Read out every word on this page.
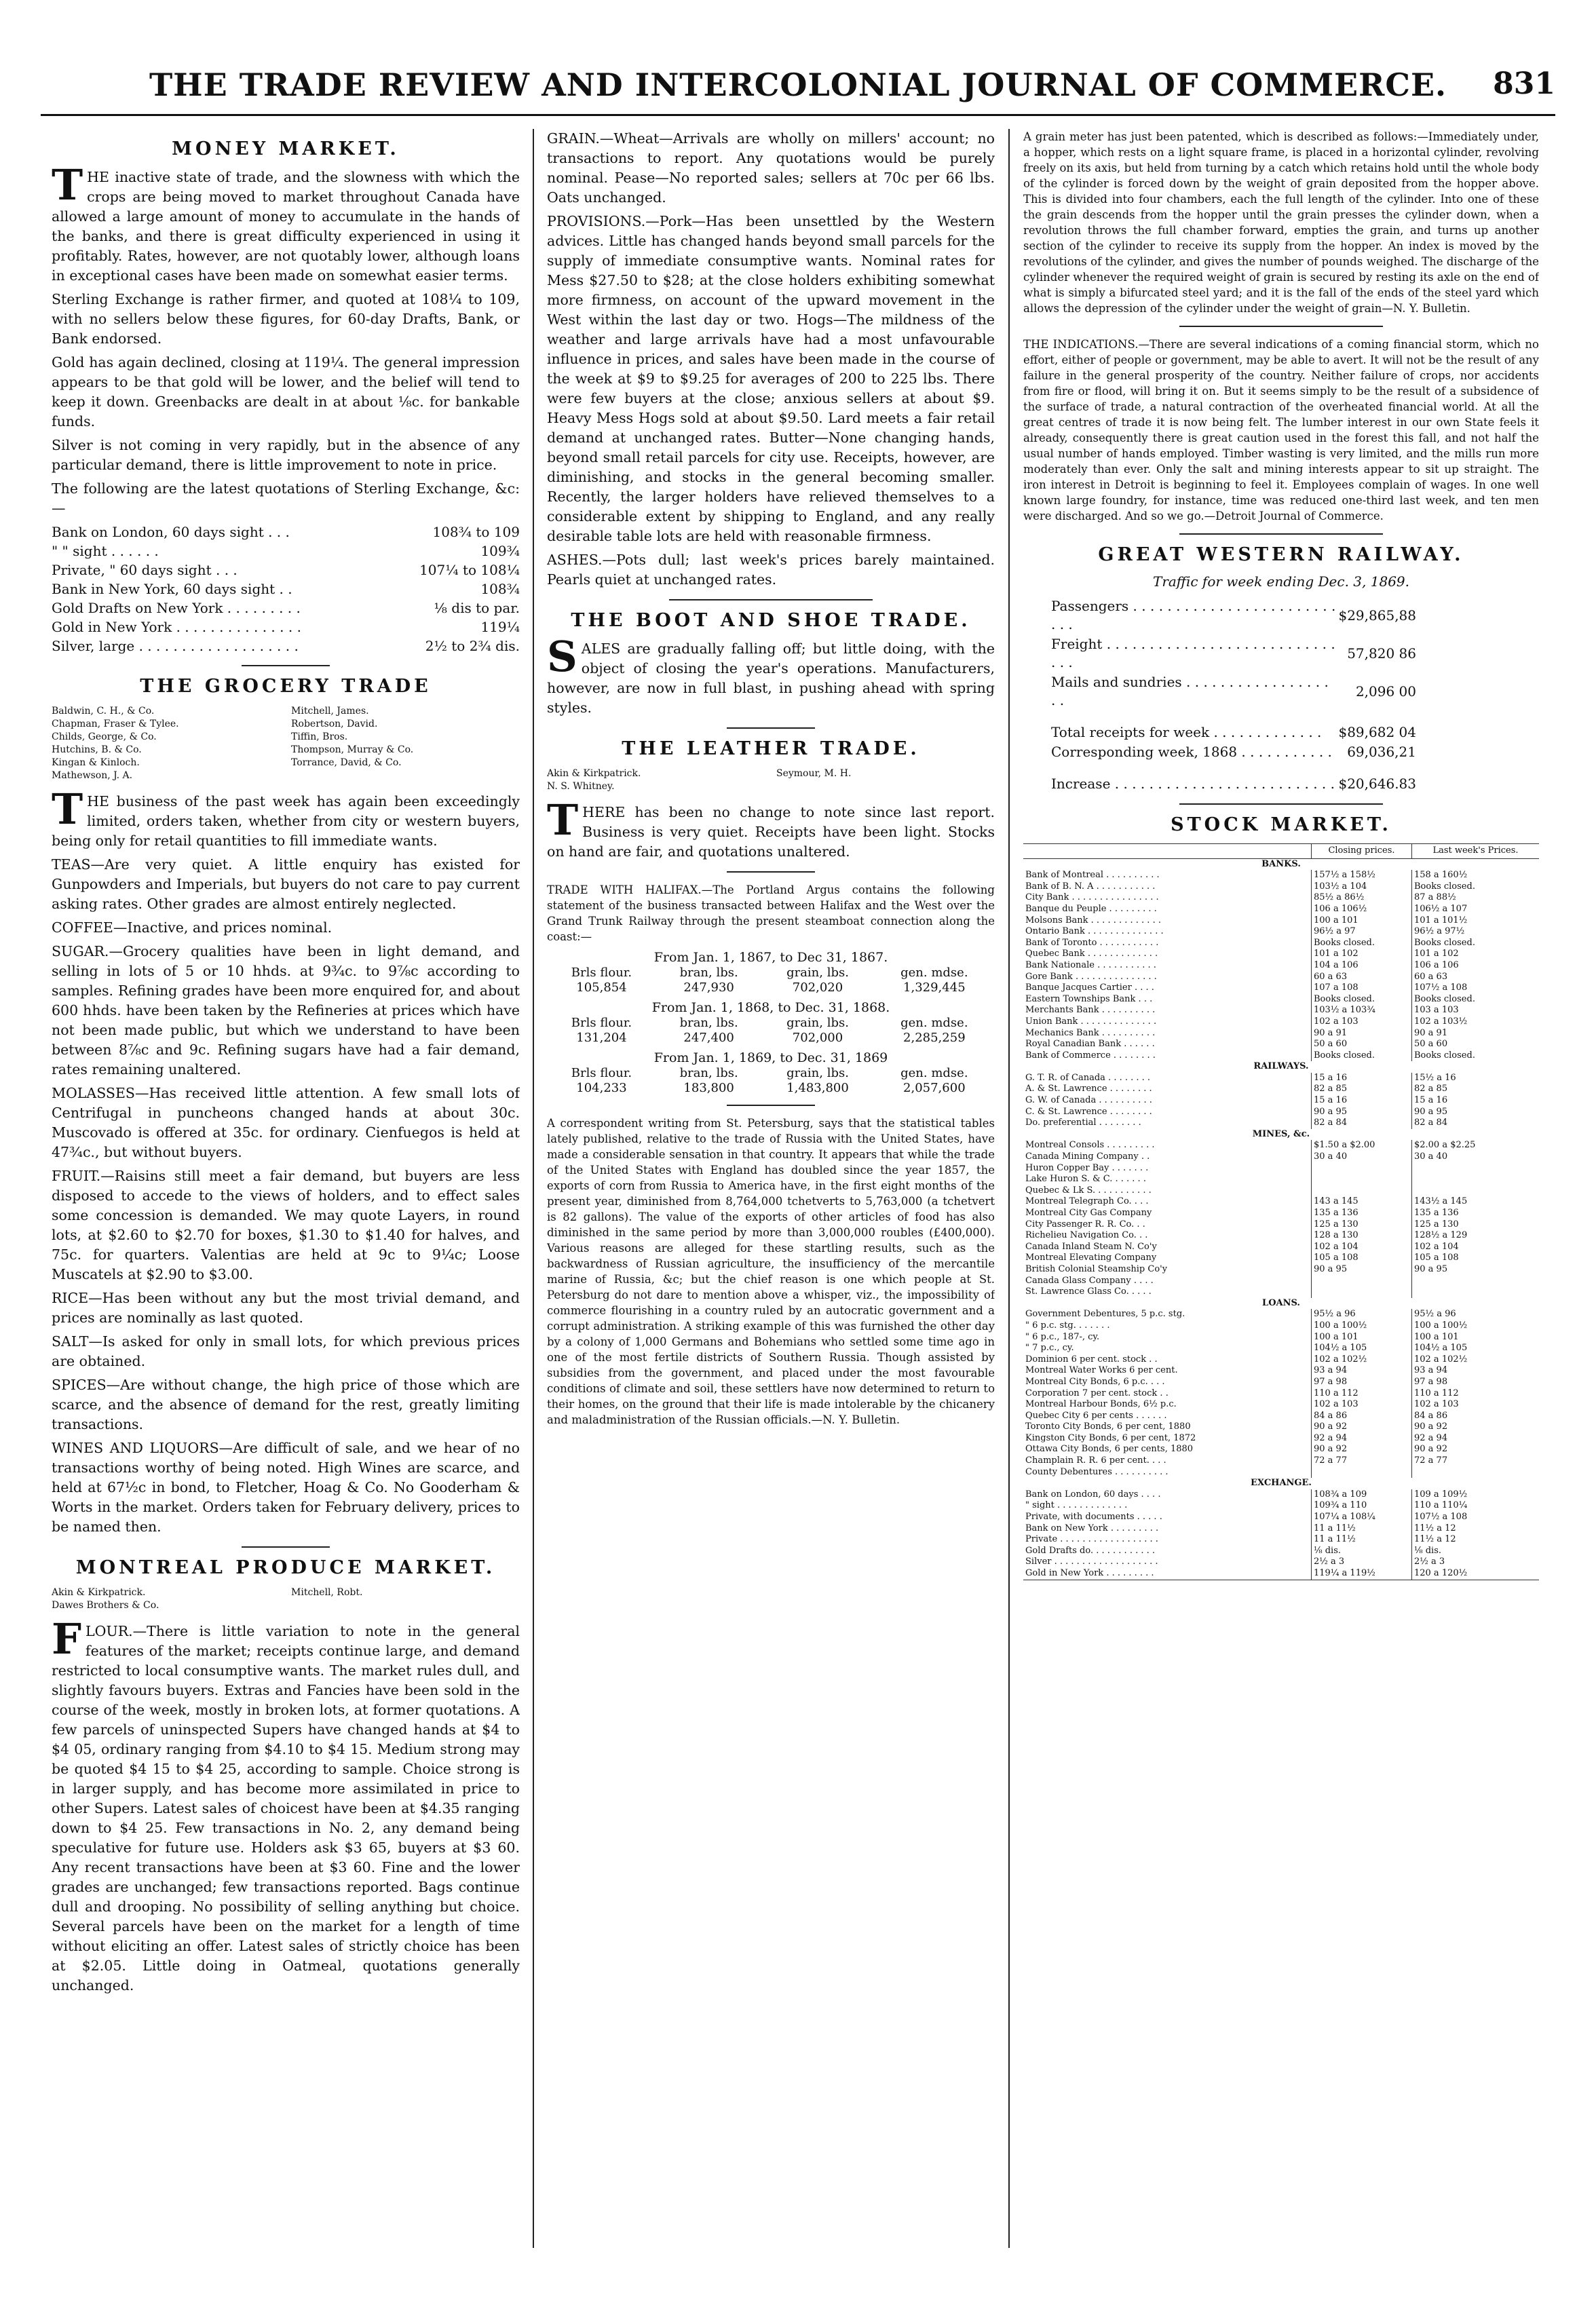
THE TRADE REVIEW AND INTERCOLONIAL JOURNAL OF COMMERCE.	831
MONEY MARKET.

THE inactive state of trade, and the slowness with which the crops are being moved to market throughout Canada have allowed a large amount of money to accumulate in the hands of the banks, and there is great difficulty experienced in using it profitably. Rates, however, are not quotably lower, although loans in exceptional cases have been made on somewhat easier terms.

Sterling Exchange is rather firmer, and quoted at 108¼ to 109, with no sellers below these figures, for 60-day Drafts, Bank, or Bank endorsed.

Gold has again declined, closing at 119¼. The general impression appears to be that gold will be lower, and the belief will tend to keep it down. Greenbacks are dealt in at about ⅛c. for bankable funds.

Silver is not coming in very rapidly, but in the absence of any particular demand, there is little improvement to note in price.

The following are the latest quotations of Sterling Exchange, &c:—

Bank on London, 60 days sight . . .	108¾ to 109
" " sight . . . . . .	109¾
Private, " 60 days sight . . .	107¼ to 108¼
Bank in New York, 60 days sight . .	108¾
Gold Drafts on New York . . . . . . . . .	⅛ dis to par.
Gold in New York . . . . . . . . . . . . . . .	119¼
Silver, large . . . . . . . . . . . . . . . . . . .	2½ to 2¾ dis.
THE GROCERY TRADE
Baldwin, C. H., & Co.	Mitchell, James.
Chapman, Fraser & Tylee.	Robertson, David.
Childs, George, & Co.	Tiffin, Bros.
Hutchins, B. & Co.	Thompson, Murray & Co.
Kingan & Kinloch.	Torrance, David, & Co.
Mathewson, J. A.

THE business of the past week has again been exceedingly limited, orders taken, whether from city or western buyers, being only for retail quantities to fill immediate wants.

TEAS—Are very quiet. A little enquiry has existed for Gunpowders and Imperials, but buyers do not care to pay current asking rates. Other grades are almost entirely neglected.

COFFEE—Inactive, and prices nominal.

SUGAR.—Grocery qualities have been in light demand, and selling in lots of 5 or 10 hhds. at 9¾c. to 9⅞c according to samples. Refining grades have been more enquired for, and about 600 hhds. have been taken by the Refineries at prices which have not been made public, but which we understand to have been between 8⅞c and 9c. Refining sugars have had a fair demand, rates remaining unaltered.

MOLASSES—Has received little attention. A few small lots of Centrifugal in puncheons changed hands at about 30c. Muscovado is offered at 35c. for ordinary. Cienfuegos is held at 47¾c., but without buyers.

FRUIT.—Raisins still meet a fair demand, but buyers are less disposed to accede to the views of holders, and to effect sales some concession is demanded. We may quote Layers, in round lots, at $2.60 to $2.70 for boxes, $1.30 to $1.40 for halves, and 75c. for quarters. Valentias are held at 9c to 9¼c; Loose Muscatels at $2.90 to $3.00.

RICE—Has been without any but the most trivial demand, and prices are nominally as last quoted.

SALT—Is asked for only in small lots, for which previous prices are obtained.

SPICES—Are without change, the high price of those which are scarce, and the absence of demand for the rest, greatly limiting transactions.

WINES AND LIQUORS—Are difficult of sale, and we hear of no transactions worthy of being noted. High Wines are scarce, and held at 67½c in bond, to Fletcher, Hoag & Co. No Gooderham & Worts in the market. Orders taken for February delivery, prices to be named then.

MONTREAL PRODUCE MARKET.
Akin & Kirkpatrick.	Mitchell, Robt.
Dawes Brothers & Co.

FLOUR.—There is little variation to note in the general features of the market; receipts continue large, and demand restricted to local consumptive wants. The market rules dull, and slightly favours buyers. Extras and Fancies have been sold in the course of the week, mostly in broken lots, at former quotations. A few parcels of uninspected Supers have changed hands at $4 to $4 05, ordinary ranging from $4.10 to $4 15. Medium strong may be quoted $4 15 to $4 25, according to sample. Choice strong is in larger supply, and has become more assimilated in price to other Supers. Latest sales of choicest have been at $4.35 ranging down to $4 25. Few transactions in No. 2, any demand being speculative for future use. Holders ask $3 65, buyers at $3 60. Any recent transactions have been at $3 60. Fine and the lower grades are unchanged; few transactions reported. Bags continue dull and drooping. No possibility of selling anything but choice. Several parcels have been on the market for a length of time without eliciting an offer. Latest sales of strictly choice has been at $2.05. Little doing in Oatmeal, quotations generally unchanged.

GRAIN.—Wheat—Arrivals are wholly on millers' account; no transactions to report. Any quotations would be purely nominal. Pease—No reported sales; sellers at 70c per 66 lbs. Oats unchanged.

PROVISIONS.—Pork—Has been unsettled by the Western advices. Little has changed hands beyond small parcels for the supply of immediate consumptive wants. Nominal rates for Mess $27.50 to $28; at the close holders exhibiting somewhat more firmness, on account of the upward movement in the West within the last day or two. Hogs—The mildness of the weather and large arrivals have had a most unfavourable influence in prices, and sales have been made in the course of the week at $9 to $9.25 for averages of 200 to 225 lbs. There were few buyers at the close; anxious sellers at about $9. Heavy Mess Hogs sold at about $9.50. Lard meets a fair retail demand at unchanged rates. Butter—None changing hands, beyond small retail parcels for city use. Receipts, however, are diminishing, and stocks in the general becoming smaller. Recently, the larger holders have relieved themselves to a considerable extent by shipping to England, and any really desirable table lots are held with reasonable firmness.

ASHES.—Pots dull; last week's prices barely maintained. Pearls quiet at unchanged rates.

THE BOOT AND SHOE TRADE.

SALES are gradually falling off; but little doing, with the object of closing the year's operations. Manufacturers, however, are now in full blast, in pushing ahead with spring styles.

THE LEATHER TRADE.
Akin & Kirkpatrick.	Seymour, M. H.
N. S. Whitney.

THERE has been no change to note since last report. Business is very quiet. Receipts have been light. Stocks on hand are fair, and quotations unaltered.

TRADE WITH HALIFAX.—The Portland Argus contains the following statement of the business transacted between Halifax and the West over the Grand Trunk Railway through the present steamboat connection along the coast:—

From Jan. 1, 1867, to Dec 31, 1867.
Brls flour.	bran, lbs.	grain, lbs.	gen. mdse.
105,854	247,930	702,020	1,329,445
From Jan. 1, 1868, to Dec. 31, 1868.
Brls flour.	bran, lbs.	grain, lbs.	gen. mdse.
131,204	247,400	702,000	2,285,259
From Jan. 1, 1869, to Dec. 31, 1869
Brls flour.	bran, lbs.	grain, lbs.	gen. mdse.
104,233	183,800	1,483,800	2,057,600

A correspondent writing from St. Petersburg, says that the statistical tables lately published, relative to the trade of Russia with the United States, have made a considerable sensation in that country. It appears that while the trade of the United States with England has doubled since the year 1857, the exports of corn from Russia to America have, in the first eight months of the present year, diminished from 8,764,000 tchetverts to 5,763,000 (a tchetvert is 82 gallons). The value of the exports of other articles of food has also diminished in the same period by more than 3,000,000 roubles (£400,000). Various reasons are alleged for these startling results, such as the backwardness of Russian agriculture, the insufficiency of the mercantile marine of Russia, &c; but the chief reason is one which people at St. Petersburg do not dare to mention above a whisper, viz., the impossibility of commerce flourishing in a country ruled by an autocratic government and a corrupt administration. A striking example of this was furnished the other day by a colony of 1,000 Germans and Bohemians who settled some time ago in one of the most fertile districts of Southern Russia. Though assisted by subsidies from the government, and placed under the most favourable conditions of climate and soil, these settlers have now determined to return to their homes, on the ground that their life is made intolerable by the chicanery and maladministration of the Russian officials.—N. Y. Bulletin.

A grain meter has just been patented, which is described as follows:—Immediately under, a hopper, which rests on a light square frame, is placed in a horizontal cylinder, revolving freely on its axis, but held from turning by a catch which retains hold until the whole body of the cylinder is forced down by the weight of grain deposited from the hopper above. This is divided into four chambers, each the full length of the cylinder. Into one of these the grain descends from the hopper until the grain presses the cylinder down, when a revolution throws the full chamber forward, empties the grain, and turns up another section of the cylinder to receive its supply from the hopper. An index is moved by the revolutions of the cylinder, and gives the number of pounds weighed. The discharge of the cylinder whenever the required weight of grain is secured by resting its axle on the end of what is simply a bifurcated steel yard; and it is the fall of the ends of the steel yard which allows the depression of the cylinder under the weight of grain—N. Y. Bulletin.

THE INDICATIONS.—There are several indications of a coming financial storm, which no effort, either of people or government, may be able to avert. It will not be the result of any failure in the general prosperity of the country. Neither failure of crops, nor accidents from fire or flood, will bring it on. But it seems simply to be the result of a subsidence of the surface of trade, a natural contraction of the overheated financial world. At all the great centres of trade it is now being felt. The lumber interest in our own State feels it already, consequently there is great caution used in the forest this fall, and not half the usual number of hands employed. Timber wasting is very limited, and the mills run more moderately than ever. Only the salt and mining interests appear to sit up straight. The iron interest in Detroit is beginning to feel it. Employees complain of wages. In one well known large foundry, for instance, time was reduced one-third last week, and ten men were discharged. And so we go.—Detroit Journal of Commerce.

GREAT WESTERN RAILWAY.
Traffic for week ending Dec. 3, 1869.
Passengers . . . . . . . . . . . . . . . . . . . . . . . . . . .	$29,865,88
Freight . . . . . . . . . . . . . . . . . . . . . . . . . . . . . .	57,820 86
Mails and sundries . . . . . . . . . . . . . . . . . . .	2,096 00

Total receipts for week . . . . . . . . . . . . .	$89,682 04
Corresponding week, 1868 . . . . . . . . . . .	69,036,21

Increase . . . . . . . . . . . . . . . . . . . . . . . . . .	$20,646.83
STOCK MARKET.
	Closing prices.	Last week's Prices.
BANKS.		
Bank of Montreal . . . . . . . . . .	157½ a 158½	158 a 160½
Bank of B. N. A . . . . . . . . . . .	103½ a 104	Books closed.
City Bank . . . . . . . . . . . . . . . .	85½ a 86½	87 a 88½
Banque du Peuple . . . . . . . . .	106 a 106½	106½ a 107
Molsons Bank . . . . . . . . . . . . .	100 a 101	101 a 101½
Ontario Bank . . . . . . . . . . . . . .	96½ a 97	96½ a 97½
Bank of Toronto . . . . . . . . . . .	Books closed.	Books closed.
Quebec Bank . . . . . . . . . . . . .	101 a 102	101 a 102
Bank Nationale . . . . . . . . . . .	104 a 106	106 a 106
Gore Bank . . . . . . . . . . . . . . .	60 a 63	60 a 63
Banque Jacques Cartier . . . .	107 a 108	107½ a 108
Eastern Townships Bank . . .	Books closed.	Books closed.
Merchants Bank . . . . . . . . . .	103½ a 103¾	103 a 103
Union Bank . . . . . . . . . . . . . .	102 a 103	102 a 103½
Mechanics Bank . . . . . . . . . .	90 a 91	90 a 91
Royal Canadian Bank . . . . . .	50 a 60	50 a 60
Bank of Commerce . . . . . . . .	Books closed.	Books closed.
RAILWAYS.		
G. T. R. of Canada . . . . . . . .	15 a 16	15½ a 16
A. & St. Lawrence . . . . . . . .	82 a 85	82 a 85
G. W. of Canada . . . . . . . . . .	15 a 16	15 a 16
C. & St. Lawrence . . . . . . . .	90 a 95	90 a 95
Do. preferential . . . . . . . .	82 a 84	82 a 84
MINES, &c.		
Montreal Consols . . . . . . . . .	$1.50 a $2.00	$2.00 a $2.25
Canada Mining Company . .	30 a 40	30 a 40
Huron Copper Bay . . . . . . .		
Lake Huron S. & C. . . . . . .		
Quebec & Lk S. . . . . . . . . . .		
Montreal Telegraph Co. . . .	143 a 145	143½ a 145
Montreal City Gas Company	135 a 136	135 a 136
City Passenger R. R. Co. . .	125 a 130	125 a 130
Richelieu Navigation Co. . .	128 a 130	128½ a 129
Canada Inland Steam N. Co'y	102 a 104	102 a 104
Montreal Elevating Company	105 a 108	105 a 108
British Colonial Steamship Co'y	90 a 95	90 a 95
Canada Glass Company . . . .		
St. Lawrence Glass Co. . . . .		
LOANS.		
Government Debentures, 5 p.c. stg.	95½ a 96	95½ a 96
" 6 p.c. stg. . . . . . .	100 a 100½	100 a 100½
" 6 p.c., 187-, cy.	100 a 101	100 a 101
" 7 p.c., cy.	104½ a 105	104½ a 105
Dominion 6 per cent. stock . .	102 a 102½	102 a 102½
Montreal Water Works 6 per cent.	93 a 94	93 a 94
Montreal City Bonds, 6 p.c. . . .	97 a 98	97 a 98
Corporation 7 per cent. stock . .	110 a 112	110 a 112
Montreal Harbour Bonds, 6½ p.c.	102 a 103	102 a 103
Quebec City 6 per cents . . . . . .	84 a 86	84 a 86
Toronto City Bonds, 6 per cent, 1880	90 a 92	90 a 92
Kingston City Bonds, 6 per cent, 1872	92 a 94	92 a 94
Ottawa City Bonds, 6 per cents, 1880	90 a 92	90 a 92
Champlain R. R. 6 per cent. . . .	72 a 77	72 a 77
County Debentures . . . . . . . . . .		
EXCHANGE.		
Bank on London, 60 days . . . .	108¾ a 109	109 a 109½
" sight . . . . . . . . . . . . .	109¾ a 110	110 a 110¼
Private, with documents . . . . .	107¼ a 108¼	107½ a 108
Bank on New York . . . . . . . . .	11 a 11½	11½ a 12
Private . . . . . . . . . . . . . . . . . .	11 a 11½	11½ a 12
Gold Drafts do. . . . . . . . . . . .	⅛ dis.	⅛ dis.
Silver . . . . . . . . . . . . . . . . . . .	2½ a 3	2½ a 3
Gold in New York . . . . . . . . .	119¼ a 119½	120 a 120½
